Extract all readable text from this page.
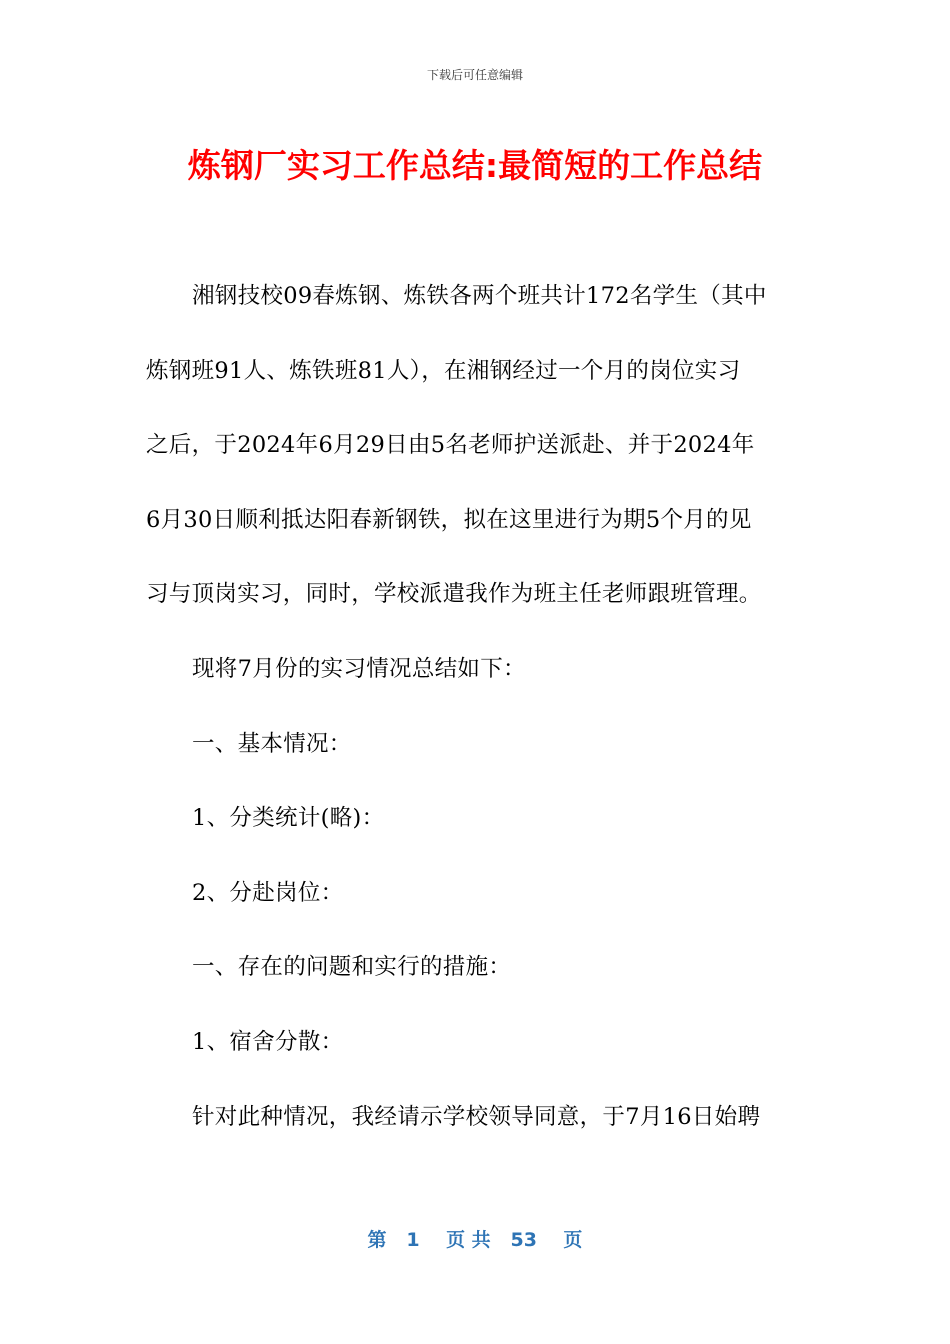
下载后可任意编辑
炼钢厂实习工作总结:最简短的工作总结
湘钢技校09春炼钢、炼铁各两个班共计172名学生（其中
炼钢班91人、炼铁班81人），在湘钢经过一个月的岗位实习
之后，于2024年6月29日由5名老师护送派赴、并于2024年
6月30日顺利抵达阳春新钢铁，拟在这里进行为期5个月的见
习与顶岗实习，同时，学校派遣我作为班主任老师跟班管理。
现将7月份的实习情况总结如下：
一、基本情况：
1、分类统计(略)：
2、分赴岗位：
一、存在的问题和实行的措施：
1、宿舍分散：
针对此种情况，我经请示学校领导同意，于7月16日始聘
第   1    页 共   53    页
